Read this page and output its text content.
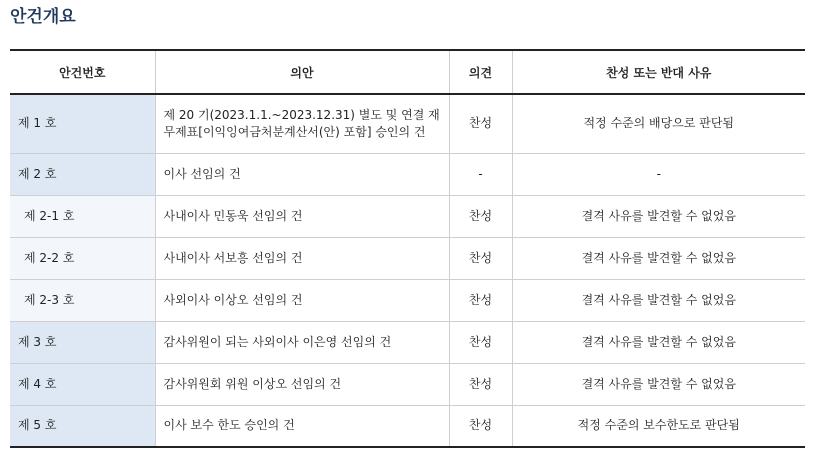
안건개요
안건번호	의안	의견	찬성 또는 반대 사유
제 1 호	제 20 기(2023.1.1.~2023.12.31) 별도 및 연결 재무제표[이익잉여금처분계산서(안) 포함] 승인의 건	찬성	적정 수준의 배당으로 판단됨
제 2 호	이사 선임의 건	-	-
제 2-1 호	사내이사 민동욱 선임의 건	찬성	결격 사유를 발견할 수 없었음
제 2-2 호	사내이사 서보흥 선임의 건	찬성	결격 사유를 발견할 수 없었음
제 2-3 호	사외이사 이상오 선임의 건	찬성	결격 사유를 발견할 수 없었음
제 3 호	감사위원이 되는 사외이사 이은영 선임의 건	찬성	결격 사유를 발견할 수 없었음
제 4 호	감사위원회 위원 이상오 선임의 건	찬성	결격 사유를 발견할 수 없었음
제 5 호	이사 보수 한도 승인의 건	찬성	적정 수준의 보수한도로 판단됨
